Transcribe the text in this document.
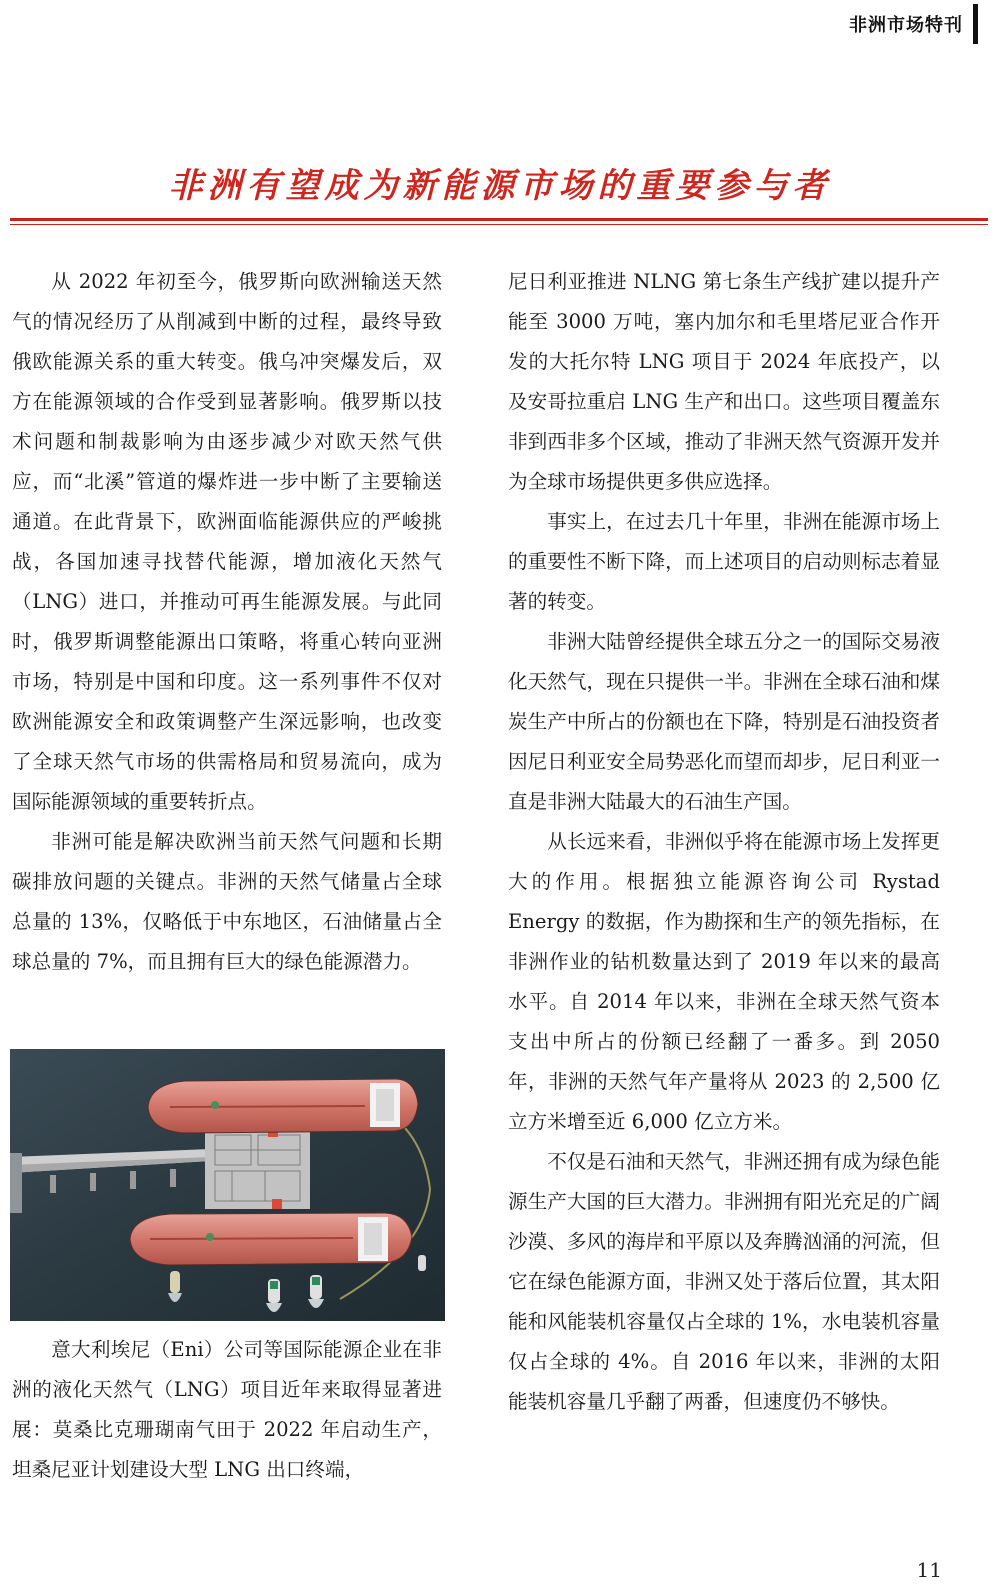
非洲市场特刊
非洲有望成为新能源市场的重要参与者

从 2022 年初至今，俄罗斯向欧洲输送天然气的情况经历了从削减到中断的过程，最终导致俄欧能源关系的重大转变。俄乌冲突爆发后，双方在能源领域的合作受到显著影响。俄罗斯以技术问题和制裁影响为由逐步减少对欧天然气供应，而“北溪”管道的爆炸进一步中断了主要输送通道。在此背景下，欧洲面临能源供应的严峻挑战，各国加速寻找替代能源，增加液化天然气（LNG）进口，并推动可再生能源发展。与此同时，俄罗斯调整能源出口策略，将重心转向亚洲市场，特别是中国和印度。这一系列事件不仅对欧洲能源安全和政策调整产生深远影响，也改变了全球天然气市场的供需格局和贸易流向，成为国际能源领域的重要转折点。

非洲可能是解决欧洲当前天然气问题和长期碳排放问题的关键点。非洲的天然气储量占全球总量的 13%，仅略低于中东地区，石油储量占全球总量的 7%，而且拥有巨大的绿色能源潜力。

意大利埃尼（Eni）公司等国际能源企业在非洲的液化天然气（LNG）项目近年来取得显著进展：莫桑比克珊瑚南气田于 2022 年启动生产，坦桑尼亚计划建设大型 LNG 出口终端，

尼日利亚推进 NLNG 第七条生产线扩建以提升产能至 3000 万吨，塞内加尔和毛里塔尼亚合作开发的大托尔特 LNG 项目于 2024 年底投产，以及安哥拉重启 LNG 生产和出口。这些项目覆盖东非到西非多个区域，推动了非洲天然气资源开发并为全球市场提供更多供应选择。

事实上，在过去几十年里，非洲在能源市场上的重要性不断下降，而上述项目的启动则标志着显著的转变。

非洲大陆曾经提供全球五分之一的国际交易液化天然气，现在只提供一半。非洲在全球石油和煤炭生产中所占的份额也在下降，特别是石油投资者因尼日利亚安全局势恶化而望而却步，尼日利亚一直是非洲大陆最大的石油生产国。

从长远来看，非洲似乎将在能源市场上发挥更大的作用。根据独立能源咨询公司 Rystad Energy 的数据，作为勘探和生产的领先指标，在非洲作业的钻机数量达到了 2019 年以来的最高水平。自 2014 年以来，非洲在全球天然气资本支出中所占的份额已经翻了一番多。到 2050 年，非洲的天然气年产量将从 2023 的 2,500 亿立方米增至近 6,000 亿立方米。

不仅是石油和天然气，非洲还拥有成为绿色能源生产大国的巨大潜力。非洲拥有阳光充足的广阔沙漠、多风的海岸和平原以及奔腾汹涌的河流，但它在绿色能源方面，非洲又处于落后位置，其太阳能和风能装机容量仅占全球的 1%，水电装机容量仅占全球的 4%。自 2016 年以来，非洲的太阳能装机容量几乎翻了两番，但速度仍不够快。

11
